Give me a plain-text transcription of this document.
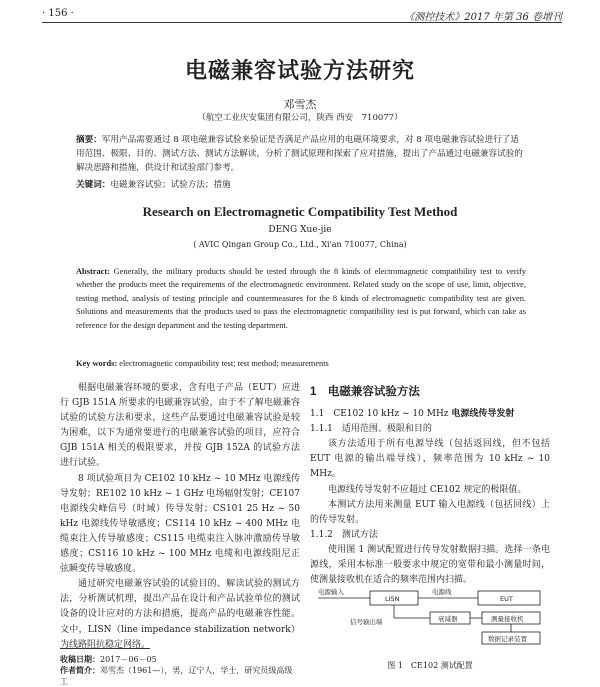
· 156 ·	《测控技术》2017 年第 36 卷增刊
电磁兼容试验方法研究
邓雪杰
（航空工业庆安集团有限公司，陕西 西安　710077）
摘要：军用产品需要通过 8 项电磁兼容试验来验证是否满足产品应用的电磁环境要求，对 8 项电磁兼容试验进行了适用范围、极限、目的、测试方法、测试方法解读，分析了测试原理和探索了应对措施，提出了产品通过电磁兼容试验的解决思路和措施，供设计和试验部门参考。
关键词：电磁兼容试验；试验方法；措施
Research on Electromagnetic Compatibility Test Method
DENG Xue-jie
( AVIC Qingan Group Co., Ltd., Xi'an 710077, China)
Abstract: Generally, the military products should be tested through the 8 kinds of electromagnetic compatibility test to verify whether the products meet the requirements of the electromagnetic environment. Related study on the scope of use, limit, objective, testing method, analysis of testing principle and countermeasures for the 8 kinds of electromagnetic compatibility test are given. Solutions and measurements that the products used to pass the electromagnetic compatibility test is put forward, which can take as reference for the design department and the testing department.
Key words: electromagnetic compatibility test; test method; measurements

根据电磁兼容环境的要求，含有电子产品（EUT）应进行 GJB 151A 所要求的电磁兼容试验，由于不了解电磁兼容试验的试验方法和要求，这些产品要通过电磁兼容试验是较为困难，以下为通常要进行的电磁兼容试验的项目，应符合 GJB 151A 相关的极限要求，并按 GJB 152A 的试验方法进行试验。

8 项试验项目为 CE102 10 kHz ~ 10 MHz 电源线传导发射；RE102 10 kHz ~ 1 GHz 电场辐射发射；CE107 电源线尖峰信号（时域）传导发射；CS101 25 Hz ~ 50 kHz 电源线传导敏感度；CS114 10 kHz ~ 400 MHz 电缆束注入传导敏感度；CS115 电缆束注入脉冲激励传导敏感度；CS116 10 kHz ~ 100 MHz 电缆和电源线阻尼正弦瞬变传导敏感度。

通过研究电磁兼容试验的试验目的、解读试验的测试方法，分析测试机理，提出产品在设计和产品试验单位的测试设备的设计应对的方法和措施，提高产品的电磁兼容性能。文中，LISN（line impedance stabilization network）为线路阻抗稳定网络。

收稿日期：2017－06－05
作者简介：邓雪杰（1961—），男，辽宁人，学士，研究员级高级工
1　电磁兼容试验方法
1.1　CE102 10 kHz ~ 10 MHz 电源线传导发射
1.1.1　适用范围、极限和目的

该方法适用于所有电源导线（包括返回线，但不包括 EUT 电源的输出端导线），频率范围为 10 kHz ~ 10 MHz。

电源线传导发射不应超过 CE102 规定的极限值。

本测试方法用来测量 EUT 输入电源线（包括回线）上的传导发射。

1.1.2　测试方法

使用图 1 测试配置进行传导发射数据扫描。选择一条电源线，采用本标准一般要求中规定的宽带和最小测量时间，使测量接收机在适合的频率范围内扫描。

电源输入
LISN
电源线
EUT
信号输出端	衰减器	测量接收机
数据记录装置
图 1　CE102 测试配置
